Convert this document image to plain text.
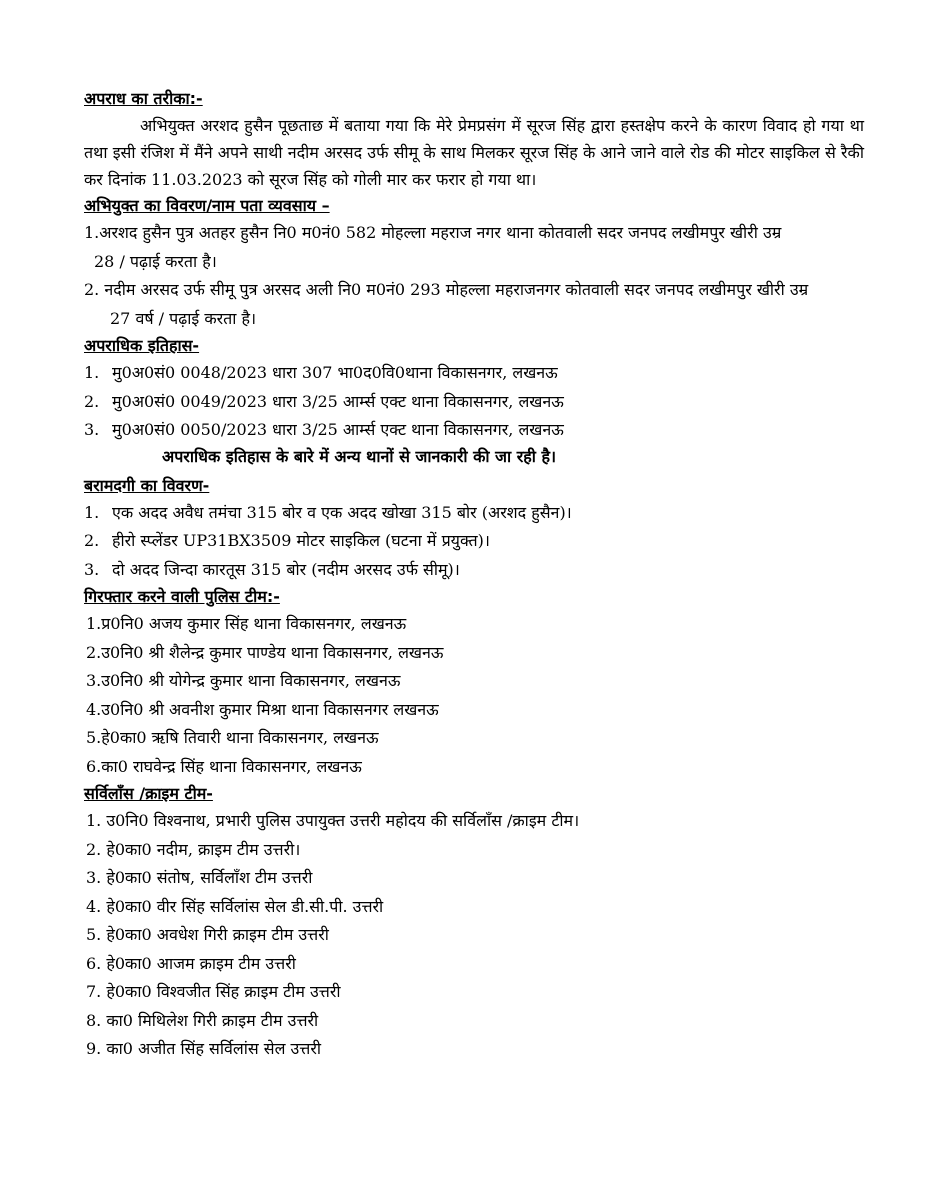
अपराध का तरीका:-

अभियुक्त अरशद हुसैन पूछताछ में बताया गया कि मेरे प्रेमप्रसंग में सूरज सिंह द्वारा हस्तक्षेप करने के कारण विवाद हो गया था तथा इसी रंजिश में मैंने अपने साथी नदीम अरसद उर्फ सीमू के साथ मिलकर सूरज सिंह के आने जाने वाले रोड की मोटर साइकिल से रैकी कर दिनांक 11.03.2023 को सूरज सिंह को गोली मार कर फरार हो गया था।

अभियुक्त का विवरण/नाम पता व्यवसाय –
1.अरशद हुसैन पुत्र अतहर हुसैन नि0 म0नं0 582 मोहल्ला महराज नगर थाना कोतवाली सदर जनपद लखीमपुर खीरी उम्र
28 / पढ़ाई करता है।
2. नदीम अरसद उर्फ सीमू पुत्र अरसद अली नि0 म0नं0 293 मोहल्ला महराजनगर कोतवाली सदर जनपद लखीमपुर खीरी उम्र
27 वर्ष / पढ़ाई करता है।
अपराधिक इतिहास-
1. मु0अ0सं0 0048/2023 धारा 307 भा0द0वि0थाना विकासनगर, लखनऊ
2. मु0अ0सं0 0049/2023 धारा 3/25 आर्म्स एक्ट थाना विकासनगर, लखनऊ
3. मु0अ0सं0 0050/2023 धारा 3/25 आर्म्स एक्ट थाना विकासनगर, लखनऊ
अपराधिक इतिहास के बारे में अन्य थानों से जानकारी की जा रही है।
बरामदगी का विवरण-
1. एक अदद अवैध तमंचा 315 बोर व एक अदद खोखा 315 बोर (अरशद हुसैन)।
2. हीरो स्प्लेंडर UP31BX3509 मोटर साइकिल (घटना में प्रयुक्त)।
3. दो अदद जिन्दा कारतूस 315 बोर (नदीम अरसद उर्फ सीमू)।
गिरफ्तार करने वाली पुलिस टीम:-
1.प्र0नि0 अजय कुमार सिंह थाना विकासनगर, लखनऊ
2.उ0नि0 श्री शैलेन्द्र कुमार पाण्डेय थाना विकासनगर, लखनऊ
3.उ0नि0 श्री योगेन्द्र कुमार थाना विकासनगर, लखनऊ
4.उ0नि0 श्री अवनीश कुमार मिश्रा थाना विकासनगर लखनऊ
5.हे0का0 ऋषि तिवारी थाना विकासनगर, लखनऊ
6.का0 राघवेन्द्र सिंह थाना विकासनगर, लखनऊ
सर्विलाँस /क्राइम टीम-
1. उ0नि0 विश्वनाथ, प्रभारी पुलिस उपायुक्त उत्तरी महोदय की सर्विलाँस /क्राइम टीम।
2. हे0का0 नदीम, क्राइम टीम उत्तरी।
3. हे0का0 संतोष, सर्विलाँश टीम उत्तरी
4. हे0का0 वीर सिंह सर्विलांस सेल डी.सी.पी. उत्तरी
5. हे0का0 अवधेश गिरी क्राइम टीम उत्तरी
6. हे0का0 आजम क्राइम टीम उत्तरी
7. हे0का0 विश्वजीत सिंह क्राइम टीम उत्तरी
8. का0 मिथिलेश गिरी क्राइम टीम उत्तरी
9. का0 अजीत सिंह सर्विलांस सेल उत्तरी
